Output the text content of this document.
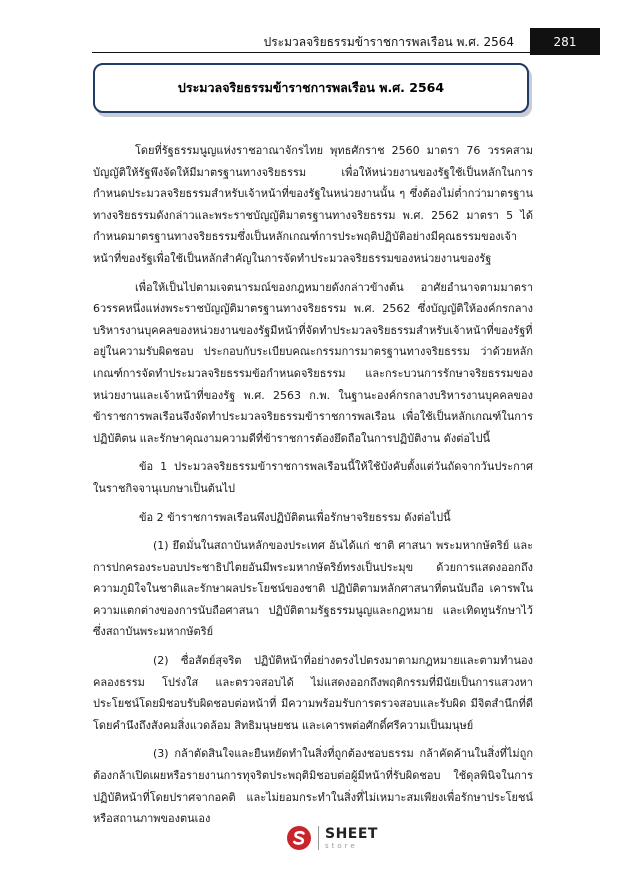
ประมวลจริยธรรมข้าราชการพลเรือน พ.ศ. 2564	281
ประมวลจริยธรรมข้าราชการพลเรือน พ.ศ. 2564

โดยที่รัฐธรรมนูญแห่งราชอาณาจักรไทย พุทธศักราช 2560 มาตรา 76 วรรคสามบัญญัติให้รัฐพึงจัดให้มีมาตรฐานทางจริยธรรม เพื่อให้หน่วยงานของรัฐใช้เป็นหลักในการกำหนดประมวลจริยธรรมสำหรับเจ้าหน้าที่ของรัฐในหน่วยงานนั้น ๆ ซึ่งต้องไม่ต่ำกว่ามาตรฐานทางจริยธรรมดังกล่าวและพระราชบัญญัติมาตรฐานทางจริยธรรม พ.ศ. 2562 มาตรา 5 ได้กำหนดมาตรฐานทางจริยธรรมซึ่งเป็นหลักเกณฑ์การประพฤติปฏิบัติอย่างมีคุณธรรมของเจ้าหน้าที่ของรัฐเพื่อใช้เป็นหลักสำคัญในการจัดทำประมวลจริยธรรมของหน่วยงานของรัฐ

เพื่อให้เป็นไปตามเจตนารมณ์ของกฎหมายดังกล่าวข้างต้น อาศัยอำนาจตามมาตรา 6วรรคหนึ่งแห่งพระราชบัญญัติมาตรฐานทางจริยธรรม พ.ศ. 2562 ซึ่งบัญญัติให้องค์กรกลางบริหารงานบุคคลของหน่วยงานของรัฐมีหน้าที่จัดทำประมวลจริยธรรมสำหรับเจ้าหน้าที่ของรัฐที่อยู่ในความรับผิดชอบ ประกอบกับระเบียบคณะกรรมการมาตรฐานทางจริยธรรม ว่าด้วยหลักเกณฑ์การจัดทำประมวลจริยธรรมข้อกำหนดจริยธรรม และกระบวนการรักษาจริยธรรมของหน่วยงานและเจ้าหน้าที่ของรัฐ พ.ศ. 2563 ก.พ. ในฐานะองค์กรกลางบริหารงานบุคคลของข้าราชการพลเรือนจึงจัดทำประมวลจริยธรรมข้าราชการพลเรือน เพื่อใช้เป็นหลักเกณฑ์ในการปฏิบัติตน และรักษาคุณงามความดีที่ข้าราชการต้องยึดถือในการปฏิบัติงาน ดังต่อไปนี้

ข้อ 1 ประมวลจริยธรรมข้าราชการพลเรือนนี้ให้ใช้บังคับตั้งแต่วันถัดจากวันประกาศในราชกิจจานุเบกษาเป็นต้นไป

ข้อ 2 ข้าราชการพลเรือนพึงปฏิบัติตนเพื่อรักษาจริยธรรม ดังต่อไปนี้

(1) ยึดมั่นในสถาบันหลักของประเทศ อันได้แก่ ชาติ ศาสนา พระมหากษัตริย์ และการปกครองระบอบประชาธิปไตยอันมีพระมหากษัตริย์ทรงเป็นประมุข ด้วยการแสดงออกถึงความภูมิใจในชาติและรักษาผลประโยชน์ของชาติ ปฏิบัติตามหลักศาสนาที่ตนนับถือ เคารพในความแตกต่างของการนับถือศาสนา ปฏิบัติตามรัฐธรรมนูญและกฎหมาย และเทิดทูนรักษาไว้ซึ่งสถาบันพระมหากษัตริย์

(2) ซื่อสัตย์สุจริต ปฏิบัติหน้าที่อย่างตรงไปตรงมาตามกฎหมายและตามทำนองคลองธรรม โปร่งใส และตรวจสอบได้ ไม่แสดงออกถึงพฤติกรรมที่มีนัยเป็นการแสวงหาประโยชน์โดยมิชอบรับผิดชอบต่อหน้าที่ มีความพร้อมรับการตรวจสอบและรับผิด มีจิตสำนึกที่ดี โดยคำนึงถึงสังคมสิ่งแวดล้อม สิทธิมนุษยชน และเคารพต่อศักดิ์ศรีความเป็นมนุษย์

(3) กล้าตัดสินใจและยืนหยัดทำในสิ่งที่ถูกต้องชอบธรรม กล้าคัดค้านในสิ่งที่ไม่ถูกต้องกล้าเปิดเผยหรือรายงานการทุจริตประพฤติมิชอบต่อผู้มีหน้าที่รับผิดชอบ ใช้ดุลพินิจในการปฏิบัติหน้าที่โดยปราศจากอคติ และไม่ยอมกระทำในสิ่งที่ไม่เหมาะสมเพียงเพื่อรักษาประโยชน์หรือสถานภาพของตนเอง

SHEET
store
